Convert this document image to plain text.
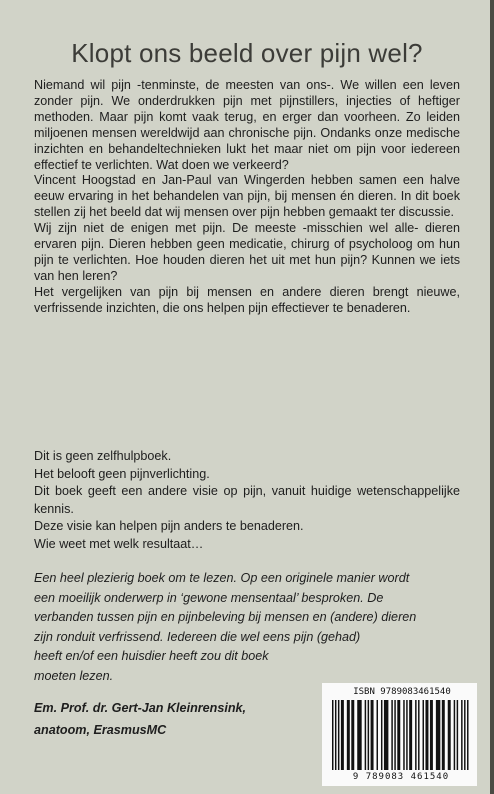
Klopt ons beeld over pijn wel?

Niemand wil pijn -tenminste, de meesten van ons-. We willen een leven zonder pijn. We onderdrukken pijn met pijnstillers, injecties of heftiger methoden. Maar pijn komt vaak terug, en erger dan voorheen. Zo leiden miljoenen mensen wereldwijd aan chronische pijn. Ondanks onze medische inzichten en behandeltechnieken lukt het maar niet om pijn voor iedereen effectief te verlichten. Wat doen we verkeerd?

Vincent Hoogstad en Jan-Paul van Wingerden hebben samen een halve eeuw ervaring in het behandelen van pijn, bij mensen én dieren. In dit boek stellen zij het beeld dat wij mensen over pijn hebben gemaakt ter discussie.

Wij zijn niet de enigen met pijn. De meeste -misschien wel alle- dieren ervaren pijn. Dieren hebben geen medicatie, chirurg of psycholoog om hun pijn te verlichten. Hoe houden dieren het uit met hun pijn? Kunnen we iets van hen leren?

Het vergelijken van pijn bij mensen en andere dieren brengt nieuwe, verfrissende inzichten, die ons helpen pijn effectiever te benaderen.

Dit is geen zelfhulpboek.

Het belooft geen pijnverlichting.

Dit boek geeft een andere visie op pijn, vanuit huidige wetenschappelijke kennis.

Deze visie kan helpen pijn anders te benaderen.

Wie weet met welk resultaat…

Een heel plezierig boek om te lezen. Op een originele manier wordt

een moeilijk onderwerp in ‘gewone mensentaal’ besproken. De

verbanden tussen pijn en pijnbeleving bij mensen en (andere) dieren

zijn ronduit verfrissend. Iedereen die wel eens pijn (gehad)

heeft en/of een huisdier heeft zou dit boek

moeten lezen.

Em. Prof. dr. Gert-Jan Kleinrensink,
anatoom, ErasmusMC
ISBN 9789083461540
9 789083 461540
